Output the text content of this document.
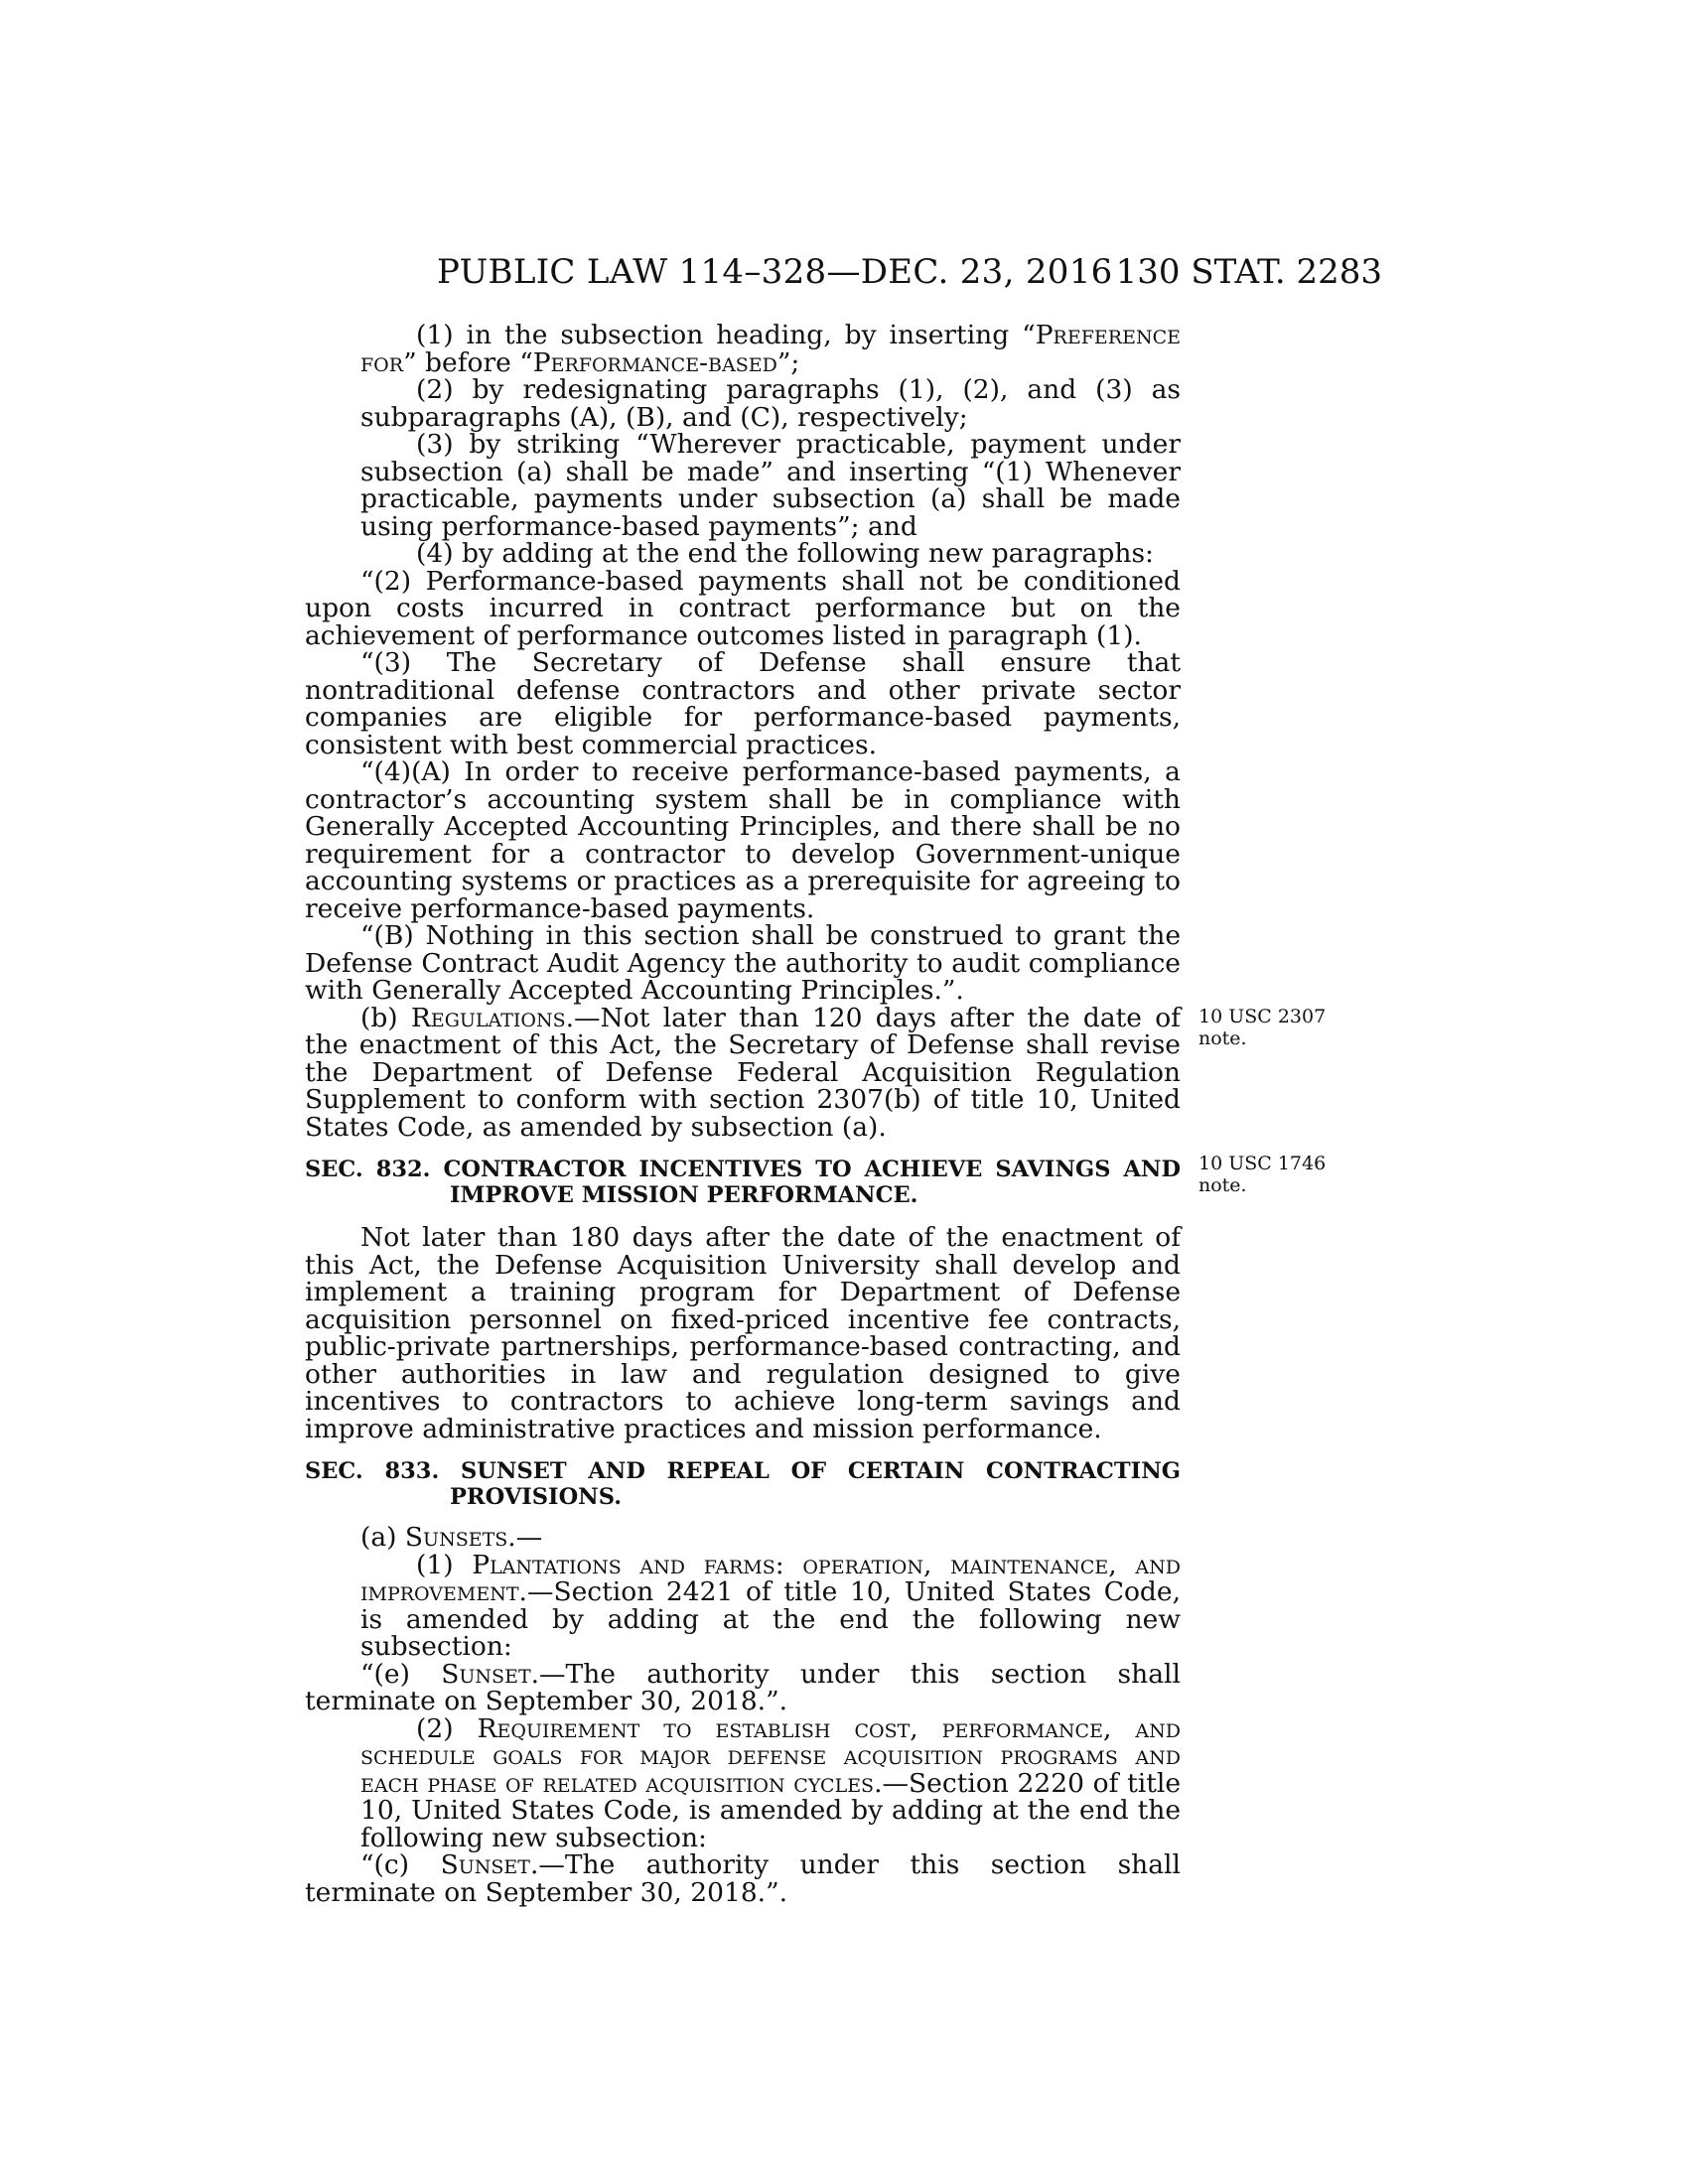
PUBLIC LAW 114–328—DEC. 23, 2016 130 STAT. 2283

(1) in the subsection heading, by inserting “Preference for” before “Performance-based”;

(2) by redesignating paragraphs (1), (2), and (3) as subparagraphs (A), (B), and (C), respectively;

(3) by striking “Wherever practicable, payment under subsection (a) shall be made” and inserting “(1) Whenever practicable, payments under subsection (a) shall be made using performance-based payments”; and

(4) by adding at the end the following new paragraphs:

“(2) Performance-based payments shall not be conditioned upon costs incurred in contract performance but on the achievement of performance outcomes listed in paragraph (1).

“(3) The Secretary of Defense shall ensure that nontraditional defense contractors and other private sector companies are eligible for performance-based payments, consistent with best commercial practices.

“(4)(A) In order to receive performance-based payments, a contractor’s accounting system shall be in compliance with Generally Accepted Accounting Principles, and there shall be no requirement for a contractor to develop Government-unique accounting systems or practices as a prerequisite for agreeing to receive performance-based payments.

“(B) Nothing in this section shall be construed to grant the Defense Contract Audit Agency the authority to audit compliance with Generally Accepted Accounting Principles.”.

(b) Regulations.—Not later than 120 days after the date of the enactment of this Act, the Secretary of Defense shall revise the Department of Defense Federal Acquisition Regulation Supplement to conform with section 2307(b) of title 10, United States Code, as amended by subsection (a).

SEC. 832. CONTRACTOR INCENTIVES TO ACHIEVE SAVINGS AND IMPROVE MISSION PERFORMANCE.

Not later than 180 days after the date of the enactment of this Act, the Defense Acquisition University shall develop and implement a training program for Department of Defense acquisition personnel on fixed-priced incentive fee contracts, public-private partnerships, performance-based contracting, and other authorities in law and regulation designed to give incentives to contractors to achieve long-term savings and improve administrative practices and mission performance.

SEC. 833. SUNSET AND REPEAL OF CERTAIN CONTRACTING PROVISIONS.

(a) Sunsets.—

(1) Plantations and farms: operation, maintenance, and improvement.—Section 2421 of title 10, United States Code, is amended by adding at the end the following new subsection:

“(e) Sunset.—The authority under this section shall terminate on September 30, 2018.”.

(2) Requirement to establish cost, performance, and schedule goals for major defense acquisition programs and each phase of related acquisition cycles.—Section 2220 of title 10, United States Code, is amended by adding at the end the following new subsection:

“(c) Sunset.—The authority under this section shall terminate on September 30, 2018.”.

10 USC 2307
note.
10 USC 1746
note.
